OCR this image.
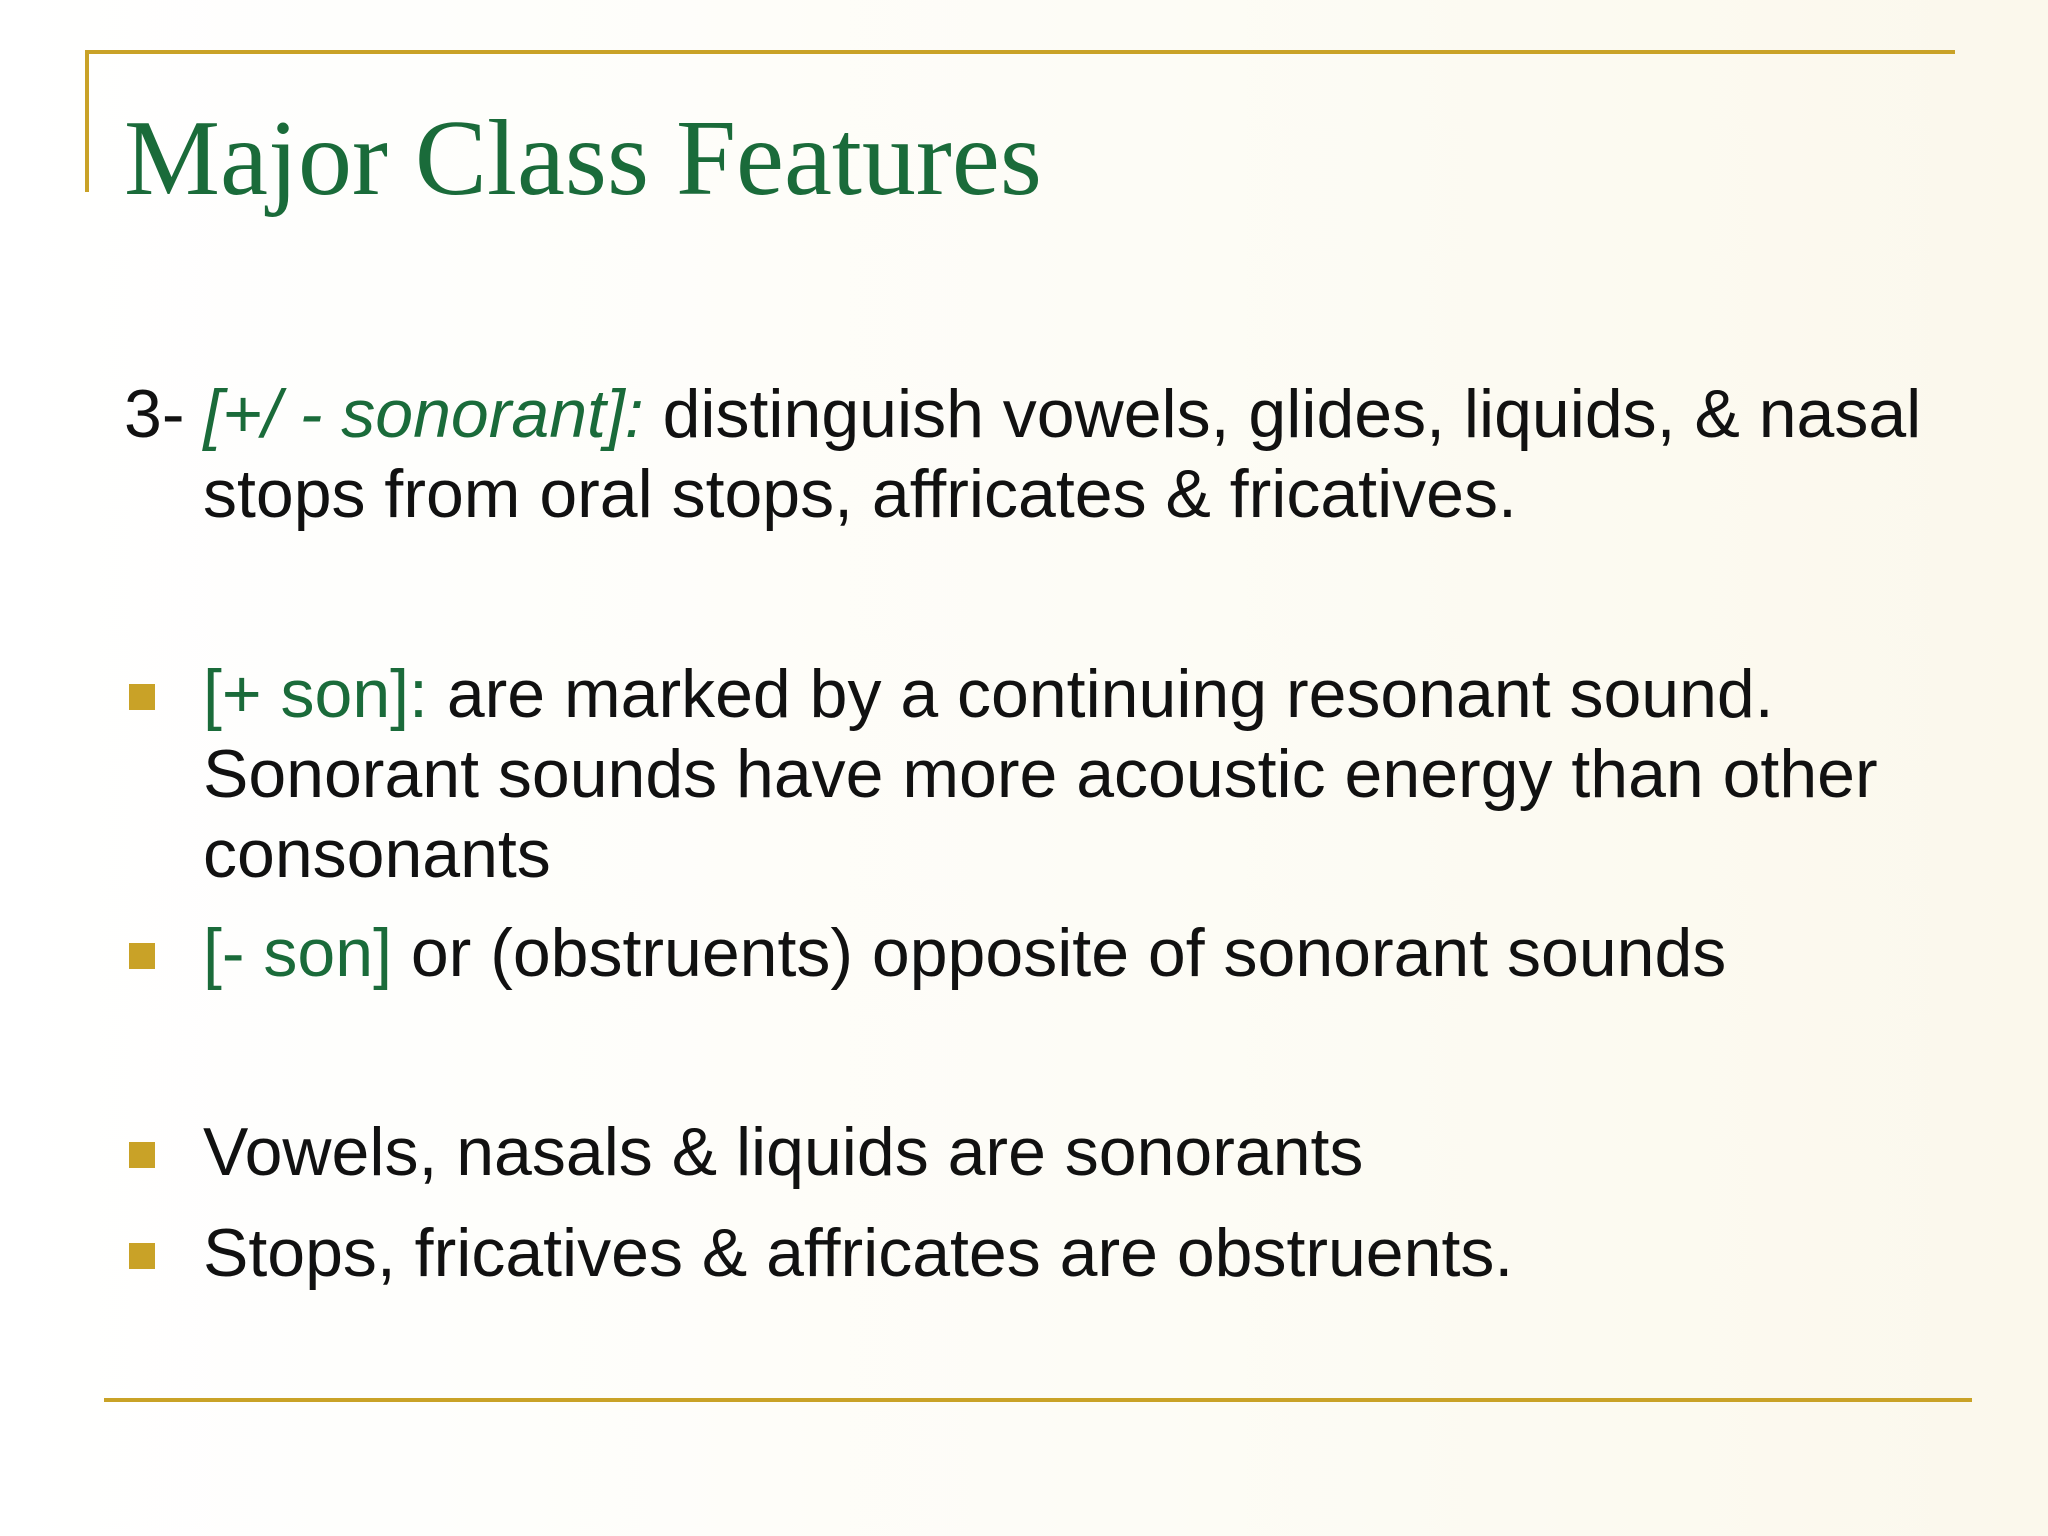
Major Class Features

3- [+/ - sonorant]: distinguish vowels, glides, liquids, & nasal stops from oral stops, affricates & fricatives.

[+ son]: are marked by a continuing resonant sound. Sonorant sounds have more acoustic energy than other consonants

[- son] or (obstruents) opposite of sonorant sounds

Vowels, nasals & liquids are sonorants

Stops, fricatives & affricates are obstruents.
